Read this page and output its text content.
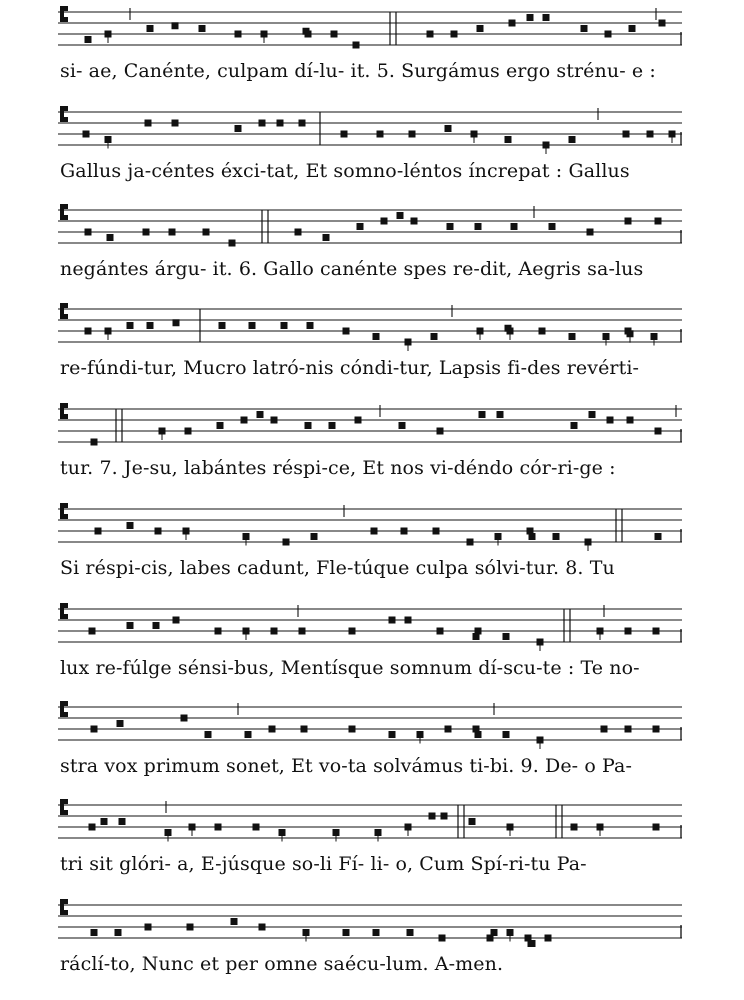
si- ae, Canénte, culpam dí-lu- it. 5. Surgámus ergo strénu- e :
Gallus ja-céntes éxci-tat, Et somno-léntos íncrepat : Gallus
negántes árgu- it. 6. Gallo canénte spes re-dit, Aegris sa-lus
re-fúndi-tur, Mucro latró-nis cóndi-tur, Lapsis fi-des revérti-
tur. 7. Je-su, labántes réspi-ce, Et nos vi-déndo cór-ri-ge :
Si réspi-cis, labes cadunt, Fle-túque culpa sólvi-tur. 8. Tu
lux re-fúlge sénsi-bus, Mentísque somnum dí-scu-te : Te no-
stra vox primum sonet, Et vo-ta solvámus ti-bi. 9. De- o Pa-
tri sit glóri- a, E-júsque so-li Fí- li- o, Cum Spí-ri-tu Pa-
ráclí-to, Nunc et per omne saécu-lum. A-men.
